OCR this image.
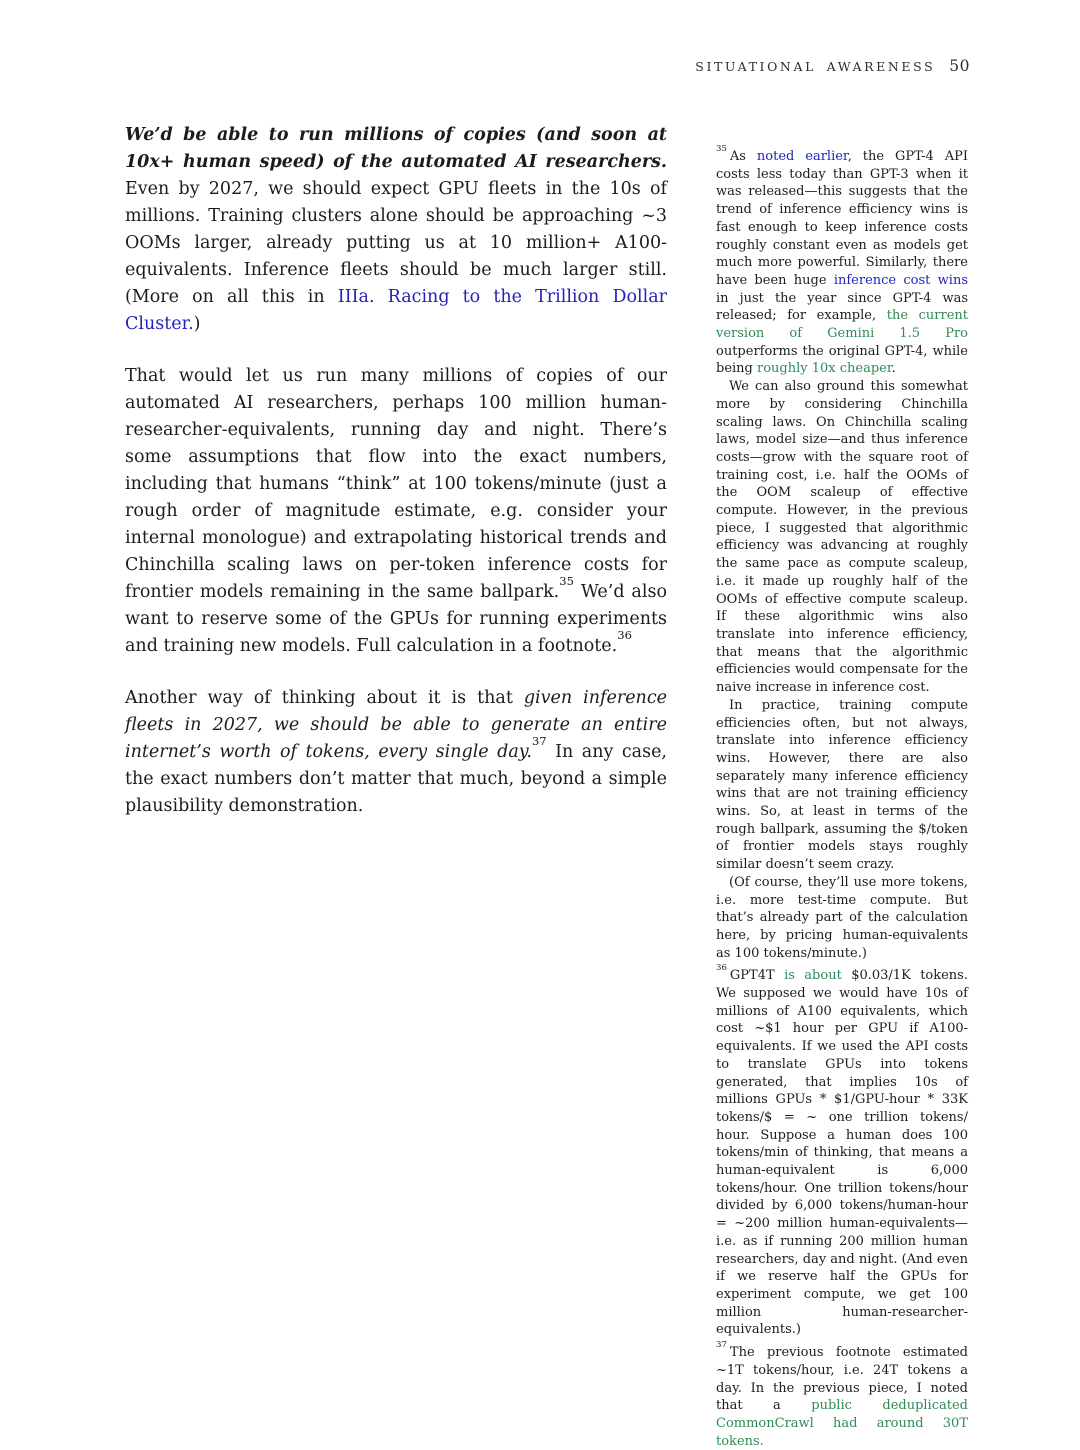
SITUATIONAL AWARENESS 50

We’d be able to run millions of copies (and soon at 10x+ human speed) of the automated AI researchers. Even by 2027, we should expect GPU fleets in the 10s of millions. Training clusters alone should be approaching ~3 OOMs larger, already putting us at 10 million+ A100-equivalents. Inference fleets should be much larger still. (More on all this in IIIa. Racing to the Trillion Dollar Cluster.)

That would let us run many millions of copies of our automated AI researchers, perhaps 100 million human-researcher-equivalents, running day and night. There’s some assumptions that flow into the exact numbers, including that humans “think” at 100 tokens/minute (just a rough order of magnitude estimate, e.g. consider your internal monologue) and extrapolating historical trends and Chinchilla scaling laws on per-token inference costs for frontier models remaining in the same ballpark.$^{35}$ We’d also want to reserve some of the GPUs for running experiments and training new models. Full calculation in a footnote.$^{36}$

Another way of thinking about it is that given inference fleets in 2027, we should be able to generate an entire internet’s worth of tokens, every single day.$^{37}$ In any case, the exact numbers don’t matter that much, beyond a simple plausibility demonstration.

$^{35}$As noted earlier, the GPT-4 API costs less today than GPT-3 when it was released—this suggests that the trend of inference efficiency wins is fast enough to keep inference costs roughly constant even as models get much more powerful. Similarly, there have been huge inference cost wins in just the year since GPT-4 was released; for example, the current version of Gemini 1.5 Pro outperforms the original GPT-4, while being roughly 10x cheaper.

We can also ground this somewhat more by considering Chinchilla scaling laws. On Chinchilla scaling laws, model size—and thus inference costs—grow with the square root of training cost, i.e. half the OOMs of the OOM scaleup of effective compute. However, in the previous piece, I suggested that algorithmic efficiency was advancing at roughly the same pace as compute scaleup, i.e. it made up roughly half of the OOMs of effective compute scaleup. If these algorithmic wins also translate into inference efficiency, that means that the algorithmic efficiencies would compensate for the naive increase in inference cost.

In practice, training compute efficiencies often, but not always, translate into inference efficiency wins. However, there are also separately many inference efficiency wins that are not training efficiency wins. So, at least in terms of the rough ballpark, assuming the $/token of frontier models stays roughly similar doesn’t seem crazy.

(Of course, they’ll use more tokens, i.e. more test-time compute. But that’s already part of the calculation here, by pricing human-equivalents as 100 tokens/minute.)

$^{36}$GPT4T is about $0.03/1K tokens. We supposed we would have 10s of millions of A100 equivalents, which cost ~$1 hour per GPU if A100-equivalents. If we used the API costs to translate GPUs into tokens generated, that implies 10s of millions GPUs * $1/GPU-hour * 33K tokens/$ = ~ one trillion tokens/ hour. Suppose a human does 100 tokens/min of thinking, that means a human-equivalent is 6,000 tokens/hour. One trillion tokens/hour divided by 6,000 tokens/human-hour = ~200 million human-equivalents—i.e. as if running 200 million human researchers, day and night. (And even if we reserve half the GPUs for experiment compute, we get 100 million human-researcher-equivalents.)

$^{37}$The previous footnote estimated ~1T tokens/hour, i.e. 24T tokens a day. In the previous piece, I noted that a public deduplicated CommonCrawl had around 30T tokens.
